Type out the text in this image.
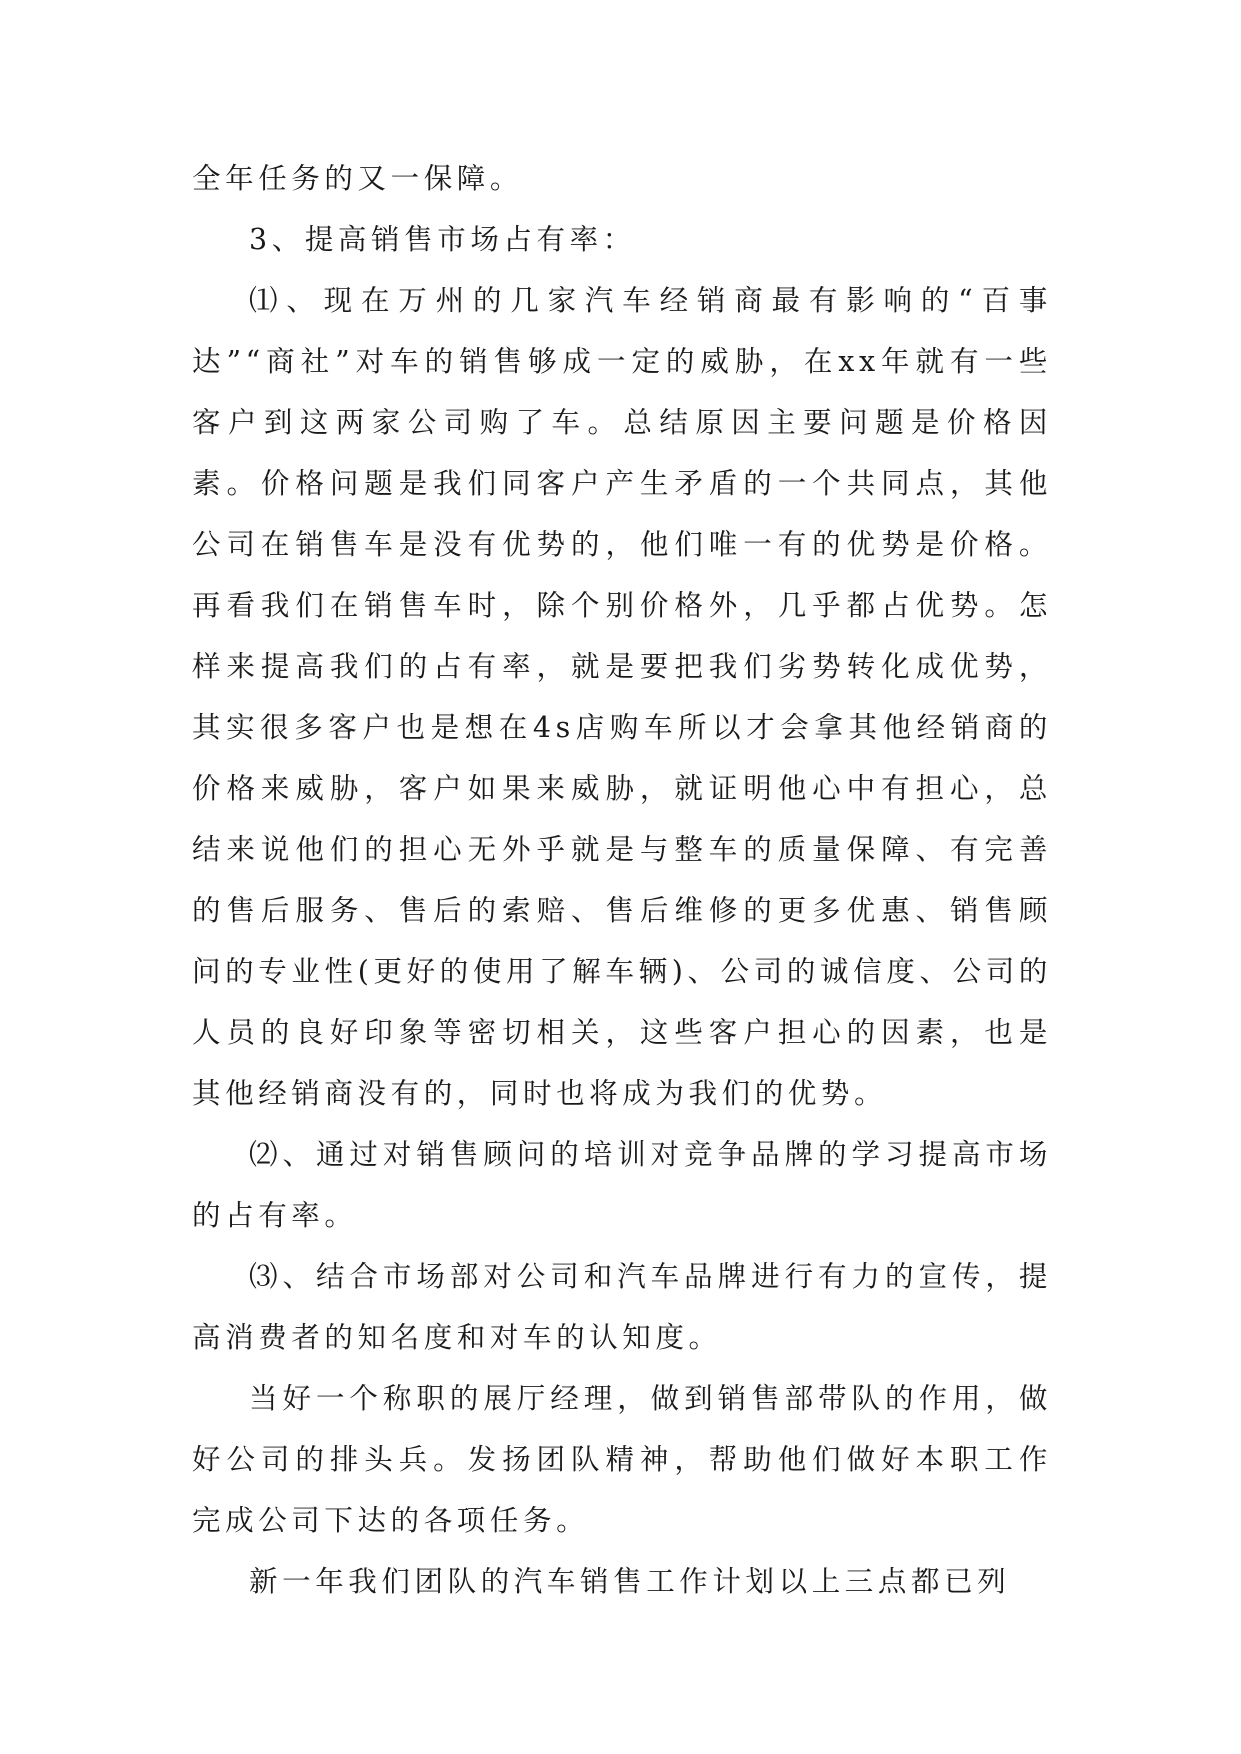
全年任务的又一保障。

3、提高销售市场占有率：

⑴、现在万州的几家汽车经销商最有影响的“百事达”“商社”对车的销售够成一定的威胁，在xx年就有一些客户到这两家公司购了车。总结原因主要问题是价格因素。价格问题是我们同客户产生矛盾的一个共同点，其他公司在销售车是没有优势的，他们唯一有的优势是价格。再看我们在销售车时，除个别价格外，几乎都占优势。怎样来提高我们的占有率，就是要把我们劣势转化成优势，其实很多客户也是想在4s店购车所以才会拿其他经销商的价格来威胁，客户如果来威胁，就证明他心中有担心，总结来说他们的担心无外乎就是与整车的质量保障、有完善的售后服务、售后的索赔、售后维修的更多优惠、销售顾问的专业性(更好的使用了解车辆)、公司的诚信度、公司的人员的良好印象等密切相关，这些客户担心的因素，也是其他经销商没有的，同时也将成为我们的优势。

⑵、通过对销售顾问的培训对竞争品牌的学习提高市场的占有率。

⑶、结合市场部对公司和汽车品牌进行有力的宣传，提高消费者的知名度和对车的认知度。

当好一个称职的展厅经理，做到销售部带队的作用，做好公司的排头兵。发扬团队精神，帮助他们做好本职工作完成公司下达的各项任务。

新一年我们团队的汽车销售工作计划以上三点都已列
